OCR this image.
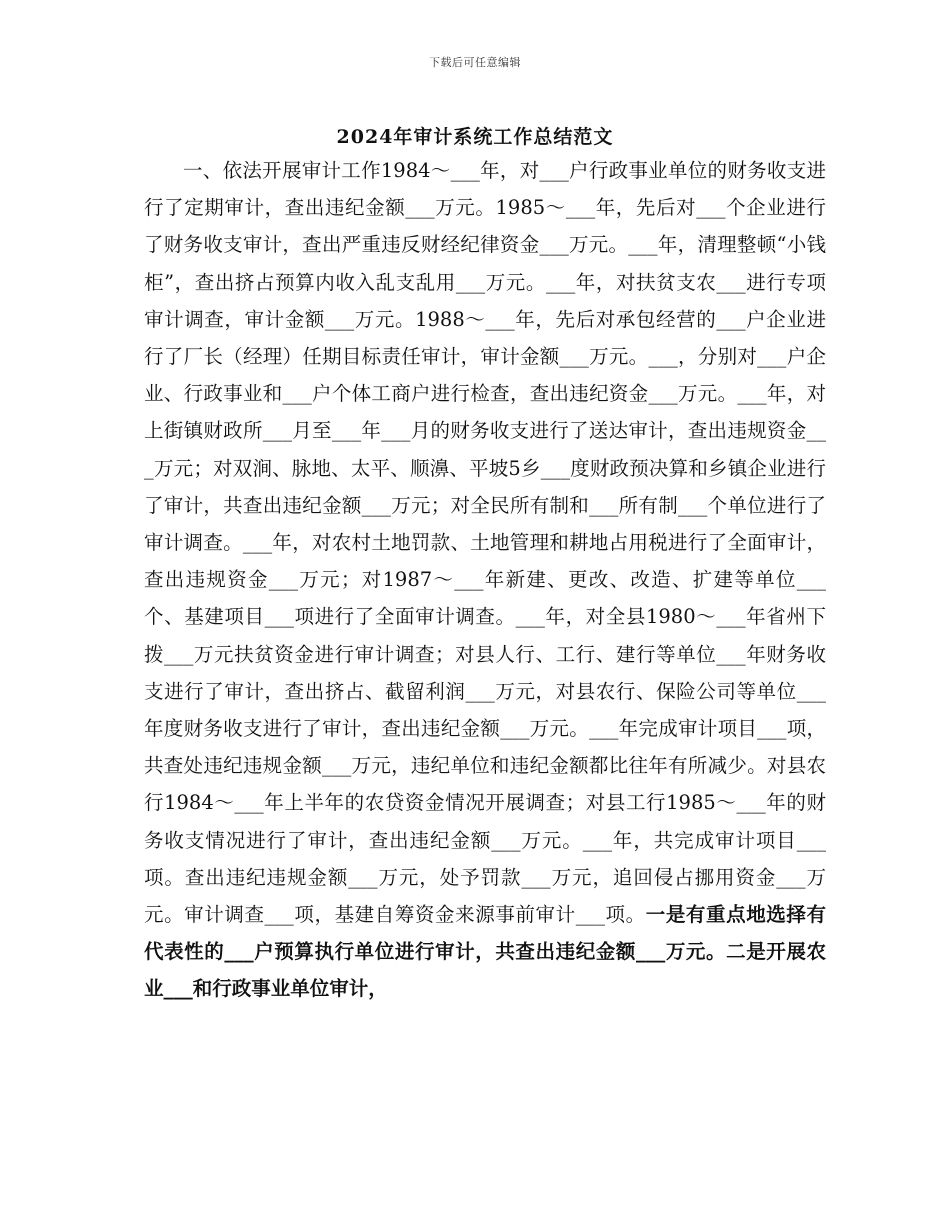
下载后可任意编辑
2024年审计系统工作总结范文

一、依法开展审计工作1984～___年，对___户行政事业单位的财务收支进行了定期审计，查出违纪金额___万元。1985～___年，先后对___个企业进行了财务收支审计，查出严重违反财经纪律资金___万元。___年，清理整顿“小钱柜”，查出挤占预算内收入乱支乱用___万元。___年，对扶贫支农___进行专项审计调查，审计金额___万元。1988～___年，先后对承包经营的___户企业进行了厂长（经理）任期目标责任审计，审计金额___万元。___，分别对___户企业、行政事业和___户个体工商户进行检查，查出违纪资金___万元。___年，对上街镇财政所___月至___年___月的财务收支进行了送达审计，查出违规资金___万元；对双涧、脉地、太平、顺濞、平坡5乡___度财政预决算和乡镇企业进行了审计，共查出违纪金额___万元；对全民所有制和___所有制___个单位进行了审计调查。___年，对农村土地罚款、土地管理和耕地占用税进行了全面审计，查出违规资金___万元；对1987～___年新建、更改、改造、扩建等单位___个、基建项目___项进行了全面审计调查。___年，对全县1980～___年省州下拨___万元扶贫资金进行审计调查；对县人行、工行、建行等单位___年财务收支进行了审计，查出挤占、截留利润___万元，对县农行、保险公司等单位___年度财务收支进行了审计，查出违纪金额___万元。___年完成审计项目___项，共查处违纪违规金额___万元，违纪单位和违纪金额都比往年有所减少。对县农行1984～___年上半年的农贷资金情况开展调查；对县工行1985～___年的财务收支情况进行了审计，查出违纪金额___万元。___年，共完成审计项目___项。查出违纪违规金额___万元，处予罚款___万元，追回侵占挪用资金___万元。审计调查___项，基建自筹资金来源事前审计___项。一是有重点地选择有代表性的___户预算执行单位进行审计，共查出违纪金额___万元。二是开展农业___和行政事业单位审计，
